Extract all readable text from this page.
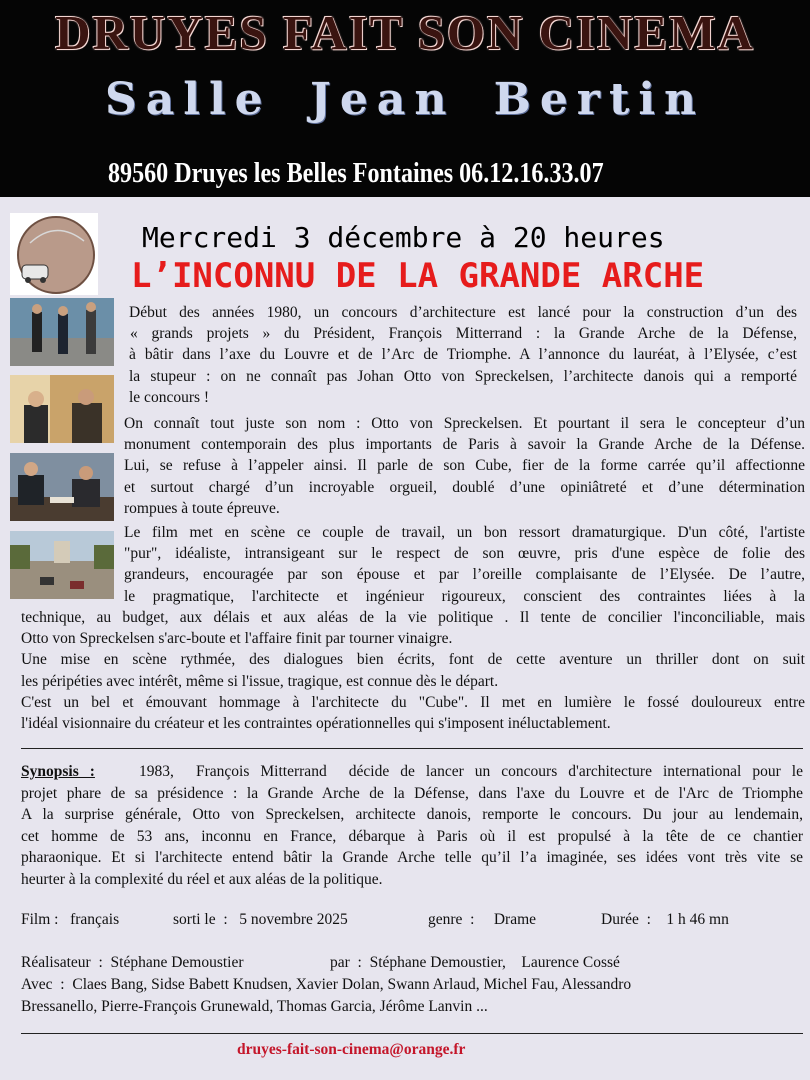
DRUYES FAIT SON CINEMA
Salle Jean Bertin
89560 Druyes les Belles Fontaines 06.12.16.33.07
Mercredi 3 décembre à 20 heures
L’INCONNU DE LA GRANDE ARCHE
Début des années 1980, un concours d’architecture est lancé pour la construction d’un des
« grands projets » du Président, François Mitterrand : la Grande Arche de la Défense,
à bâtir dans l’axe du Louvre et de l’Arc de Triomphe. A l’annonce du lauréat, à l’Elysée, c’est
la stupeur : on ne connaît pas Johan Otto von Spreckelsen, l’architecte danois qui a remporté
le concours !
On connaît tout juste son nom : Otto von Spreckelsen. Et pourtant il sera le concepteur d’un
monument contemporain des plus importants de Paris à savoir la Grande Arche de la Défense.
Lui, se refuse à l’appeler ainsi. Il parle de son Cube, fier de la forme carrée qu’il affectionne
et surtout chargé d’un incroyable orgueil, doublé d’une opiniâtreté et d’une détermination
rompues à toute épreuve.
Le film met en scène ce couple de travail, un bon ressort dramaturgique. D'un côté, l'artiste
"pur", idéaliste, intransigeant sur le respect de son œuvre, pris d'une espèce de folie des
grandeurs, encouragée par son épouse et par l’oreille complaisante de l’Elysée. De l’autre,
le pragmatique, l'architecte et ingénieur rigoureux, conscient des contraintes liées à la
technique, au budget, aux délais et aux aléas de la vie politique . Il tente de concilier l'inconciliable, mais
Otto von Spreckelsen s'arc-boute et l'affaire finit par tourner vinaigre.
Une mise en scène rythmée, des dialogues bien écrits, font de cette aventure un thriller dont on suit
les péripéties avec intérêt, même si l'issue, tragique, est connue dès le départ.
C'est un bel et émouvant hommage à l'architecte du "Cube". Il met en lumière le fossé douloureux entre
l'idéal visionnaire du créateur et les contraintes opérationnelles qui s'imposent inéluctablement.
Synopsis :    1983,  François Mitterrand  décide de lancer un concours d'architecture international pour le
projet phare de sa présidence : la Grande Arche de la Défense, dans l'axe du Louvre et de l'Arc de Triomphe
A la surprise générale, Otto von Spreckelsen, architecte danois, remporte le concours. Du jour au lendemain,
cet homme de 53 ans, inconnu en France, débarque à Paris où il est propulsé à la tête de ce chantier
pharaonique. Et si l'architecte entend bâtir la Grande Arche telle qu’il l’a imaginée, ses idées vont très vite se
heurter à la complexité du réel et aux aléas de la politique.
Film :   français	sorti le  :   5 novembre 2025	genre  :     Drame	Durée  :    1 h 46 mn
Réalisateur  :  Stéphane Demoustier	par  :  Stéphane Demoustier,    Laurence Cossé
Avec  :  Claes Bang, Sidse Babett Knudsen, Xavier Dolan, Swann Arlaud, Michel Fau, Alessandro
Bressanello, Pierre-François Grunewald, Thomas Garcia, Jérôme Lanvin ...
druyes-fait-son-cinema@orange.fr
